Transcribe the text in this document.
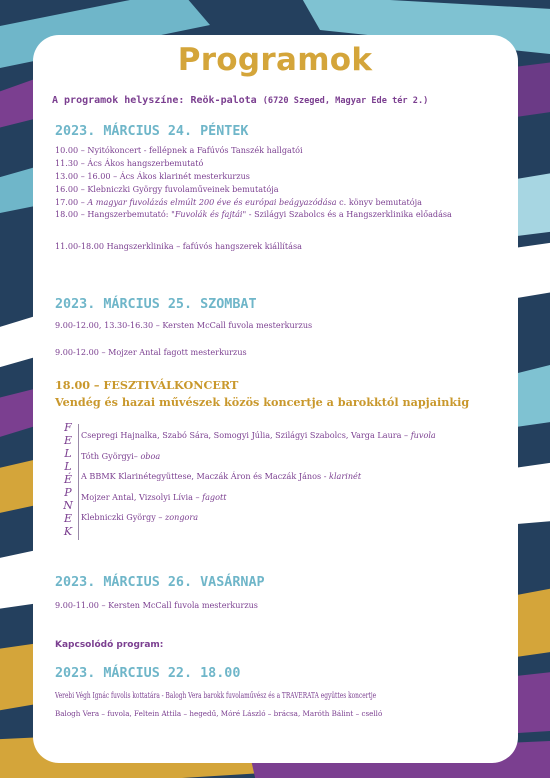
Programok
A programok helyszíne: Reök-palota (6720 Szeged, Magyar Ede tér 2.)
2023. MÁRCIUS 24. PÉNTEK
10.00 – Nyitókoncert - fellépnek a Fafúvós Tanszék hallgatói
11.30 – Ács Ákos hangszerbemutató
13.00 – 16.00 – Ács Ákos klarinét mesterkurzus
16.00 – Klebniczki György fuvolaműveinek bemutatója
17.00 – A magyar fuvolázás elmúlt 200 éve és európai beágyazódása c. könyv bemutatója
18.00 – Hangszerbemutató: "Fuvolák és fajtái" - Szilágyi Szabolcs és a Hangszerklinika előadása
11.00-18.00 Hangszerklinika – fafúvós hangszerek kiállítása
2023. MÁRCIUS 25. SZOMBAT
9.00-12.00, 13.30-16.30 – Kersten McCall fuvola mesterkurzus
9.00-12.00 – Mojzer Antal fagott mesterkurzus
18.00 – FESZTIVÁLKONCERT
Vendég és hazai művészek közös koncertje a barokktól napjainkig
F
E
L
L
É
P
N
E
K
Csepregi Hajnalka, Szabó Sára, Somogyi Júlia, Szilágyi Szabolcs, Varga Laura – fuvola
Tóth Györgyi– oboa
A BBMK Klarinétegyüttese, Maczák Áron és Maczák János - klarinét
Mojzer Antal, Vizsolyi Lívia – fagott
Klebniczki György – zongora
2023. MÁRCIUS 26. VASÁRNAP
9.00-11.00 – Kersten McCall fuvola mesterkurzus
Kapcsolódó program:
2023. MÁRCIUS 22. 18.00
Verebi Végh Ignác fuvolis kottatára - Balogh Vera barokk fuvolaművész és a TRAVERATA együttes koncertje
Balogh Vera – fuvola, Feltein Attila – hegedű, Móré László – brácsa, Maróth Bálint – cselló
